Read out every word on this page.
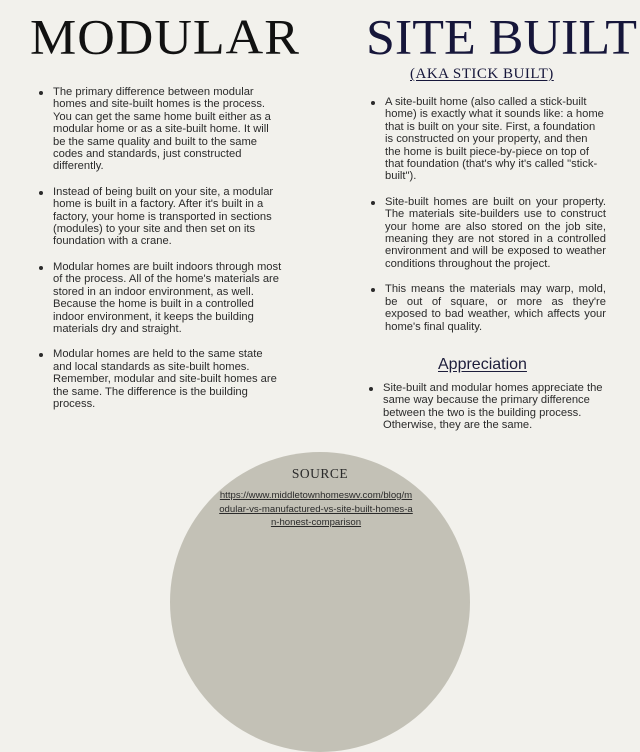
MODULAR SITE BUILT
(AKA STICK BUILT)
The primary difference between modular homes and site-built homes is the process. You can get the same home built either as a modular home or as a site-built home. It will be the same quality and built to the same codes and standards, just constructed differently.
Instead of being built on your site, a modular home is built in a factory. After it's built in a factory, your home is transported in sections (modules) to your site and then set on its foundation with a crane.
Modular homes are built indoors through most of the process. All of the home's materials are stored in an indoor environment, as well. Because the home is built in a controlled indoor environment, it keeps the building materials dry and straight.
Modular homes are held to the same state and local standards as site-built homes. Remember, modular and site-built homes are the same. The difference is the building process.
A site-built home (also called a stick-built home) is exactly what it sounds like: a home that is built on your site. First, a foundation is constructed on your property, and then the home is built piece-by-piece on top of that foundation (that's why it's called "stick-built").
Site-built homes are built on your property. The materials site-builders use to construct your home are also stored on the job site, meaning they are not stored in a controlled environment and will be exposed to weather conditions throughout the project.
This means the materials may warp, mold, be out of square, or more as they're exposed to bad weather, which affects your home's final quality.
Appreciation
Site-built and modular homes appreciate the same way because the primary difference between the two is the building process. Otherwise, they are the same.
SOURCE
https://www.middletownhomeswv.com/blog/modular-vs-manufactured-vs-site-built-homes-an-honest-comparison
